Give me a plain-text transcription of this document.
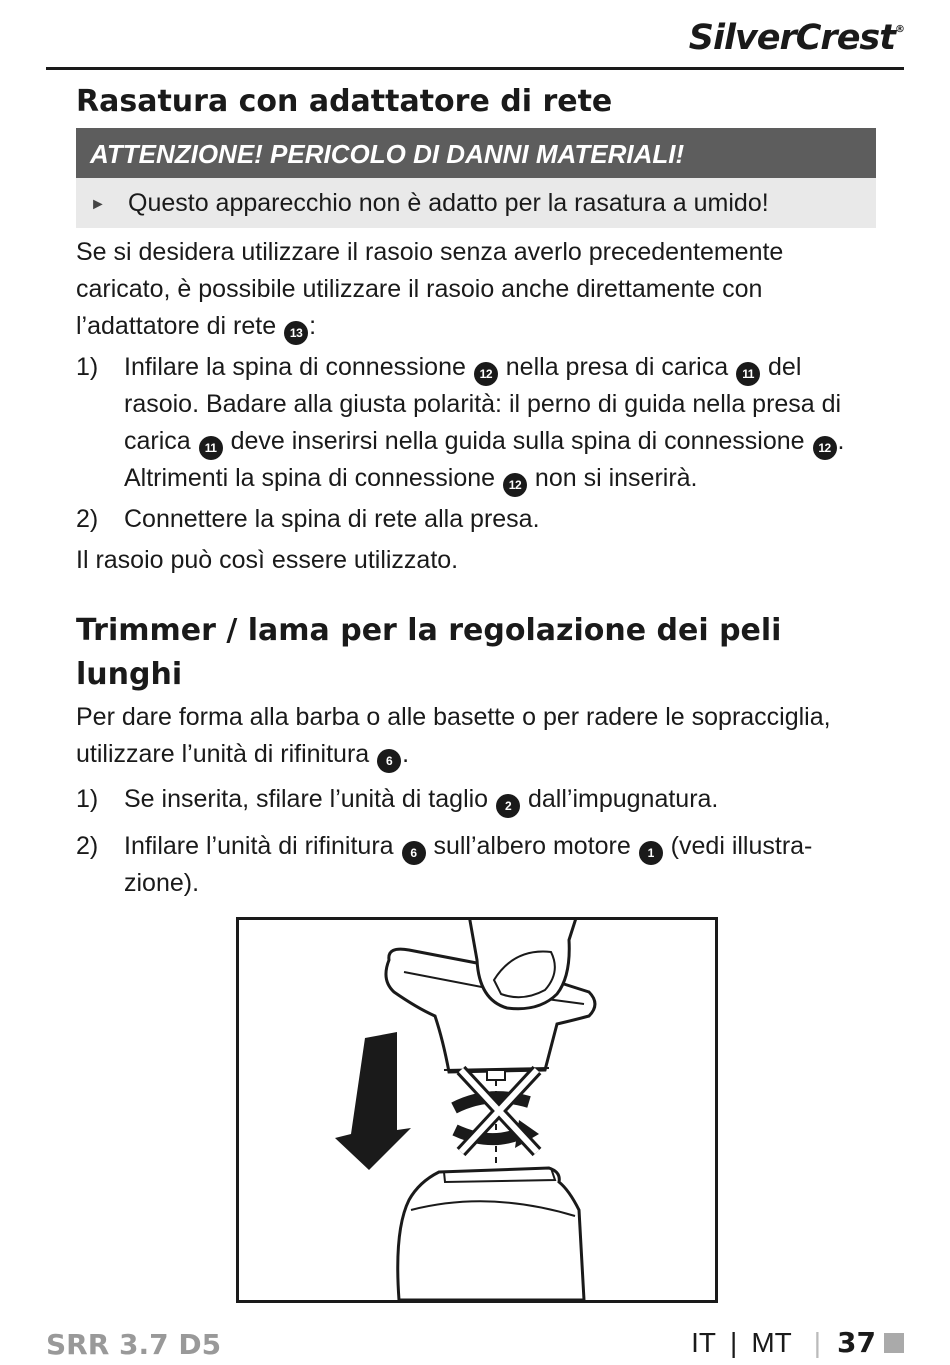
SilverCrest®
Rasatura con adattatore di rete
ATTENZIONE! PERICOLO DI DANNI MATERIALI!
► Questo apparecchio non è adatto per la rasatura a umido!

Se si desidera utilizzare il rasoio senza averlo precedentemente caricato, è possibile utilizzare il rasoio anche direttamente con l’adattatore di rete 13 :

1) Infilare la spina di connessione 12 nella presa di carica 11 del rasoio. Badare alla giusta polarità: il perno di guida nella presa di carica 11 deve inserirsi nella guida sulla spina di connessione 12 . Altrimenti la spina di connessione 12 non si inserirà.
2) Connettere la spina di rete alla presa.

Il rasoio può così essere utilizzato.

Trimmer / lama per la regolazione dei peli lunghi

Per dare forma alla barba o alle basette o per radere le sopracciglia, utilizzare l’unità di rifinitura 6 .

1) Se inserita, sfilare l’unità di taglio 2 dall’impugnatura.
2) Infilare l’unità di rifinitura 6 sull’albero motore 1 (vedi illustra-zione).
SRR 3.7 D5	IT | MT | 37
